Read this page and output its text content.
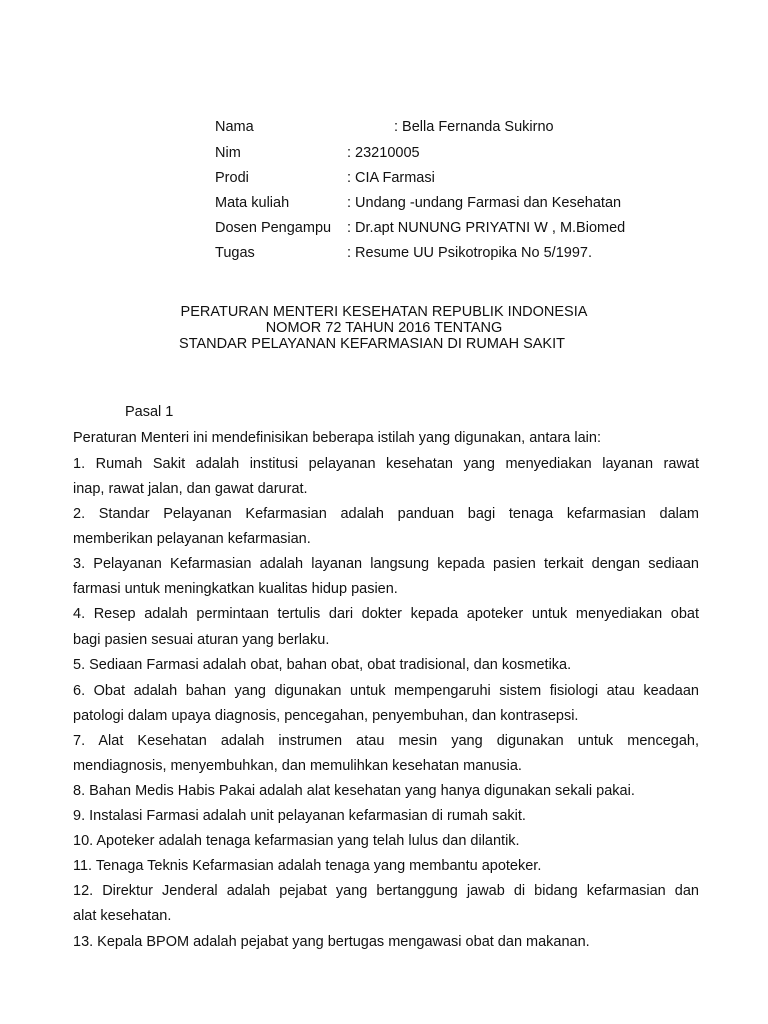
Nama	: Bella Fernanda Sukirno
Nim	: 23210005
Prodi	: CIA Farmasi
Mata kuliah	: Undang -undang Farmasi dan Kesehatan
Dosen Pengampu : Dr.apt NUNUNG PRIYATNI W , M.Biomed
Tugas	: Resume UU Psikotropika No 5/1997.
PERATURAN MENTERI KESEHATAN REPUBLIK INDONESIA
NOMOR 72 TAHUN 2016 TENTANG
STANDAR PELAYANAN KEFARMASIAN DI RUMAH SAKIT
Pasal 1
Peraturan Menteri ini mendefinisikan beberapa istilah yang digunakan, antara lain:
1. Rumah Sakit adalah institusi pelayanan kesehatan yang menyediakan layanan rawat
inap, rawat jalan, dan gawat darurat.
2. Standar Pelayanan Kefarmasian adalah panduan bagi tenaga kefarmasian dalam
memberikan pelayanan kefarmasian.
3. Pelayanan Kefarmasian adalah layanan langsung kepada pasien terkait dengan sediaan
farmasi untuk meningkatkan kualitas hidup pasien.
4. Resep adalah permintaan tertulis dari dokter kepada apoteker untuk menyediakan obat
bagi pasien sesuai aturan yang berlaku.
5. Sediaan Farmasi adalah obat, bahan obat, obat tradisional, dan kosmetika.
6. Obat adalah bahan yang digunakan untuk mempengaruhi sistem fisiologi atau keadaan
patologi dalam upaya diagnosis, pencegahan, penyembuhan, dan kontrasepsi.
7. Alat Kesehatan adalah instrumen atau mesin yang digunakan untuk mencegah,
mendiagnosis, menyembuhkan, dan memulihkan kesehatan manusia.
8. Bahan Medis Habis Pakai adalah alat kesehatan yang hanya digunakan sekali pakai.
9. Instalasi Farmasi adalah unit pelayanan kefarmasian di rumah sakit.
10. Apoteker adalah tenaga kefarmasian yang telah lulus dan dilantik.
11. Tenaga Teknis Kefarmasian adalah tenaga yang membantu apoteker.
12. Direktur Jenderal adalah pejabat yang bertanggung jawab di bidang kefarmasian dan
alat kesehatan.
13. Kepala BPOM adalah pejabat yang bertugas mengawasi obat dan makanan.
